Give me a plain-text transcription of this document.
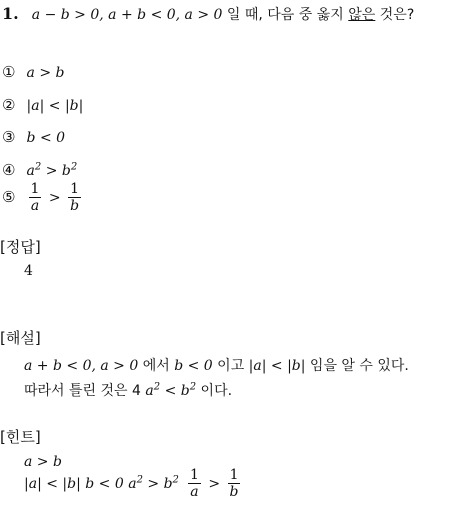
1. a − b > 0, a + b < 0, a > 0 일 때, 다음 중 옳지 않은 것은?
① a > b
② |a| < |b|
③ b < 0
④ $a^2 > b^2$
⑤ $\frac{1}{a} > \frac{1}{b}$
[정답]
4
[해설]
a + b < 0, a > 0 에서 b < 0 이고 |a| < |b| 임을 알 수 있다.
따라서 틀린 것은 4 $a^2 < b^2$ 이다.
[힌트]
a > b
|a| < |b| b < 0 $a^2 > b^2 \frac{1}{a} > \frac{1}{b}$
